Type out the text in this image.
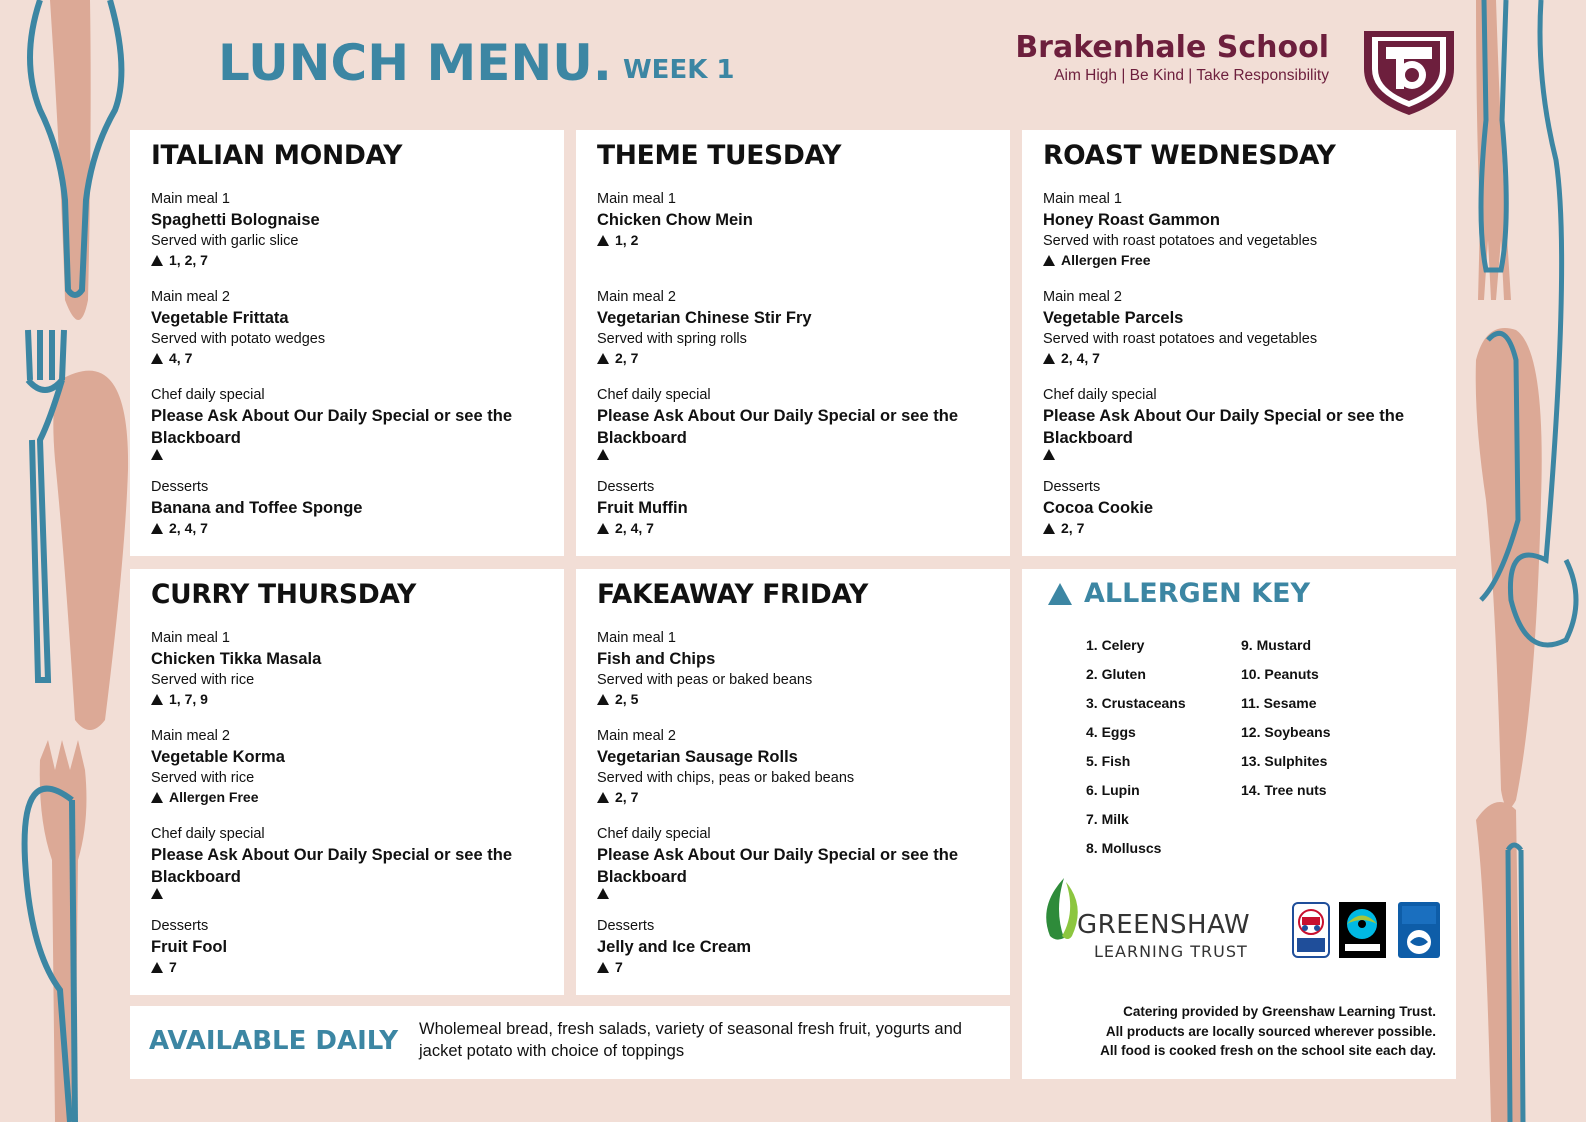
LUNCH MENU. WEEK 1
Brakenhale School
Aim High | Be Kind | Take Responsibility
ITALIAN MONDAY
Main meal 1
Spaghetti Bolognaise
Served with garlic slice
1, 2, 7
Main meal 2
Vegetable Frittata
Served with potato wedges
4, 7
Chef daily special
Please Ask About Our Daily Special or see the Blackboard
Desserts
Banana and Toffee Sponge
2, 4, 7
THEME TUESDAY
Main meal 1
Chicken Chow Mein
1, 2
Main meal 2
Vegetarian Chinese Stir Fry
Served with spring rolls
2, 7
Chef daily special
Please Ask About Our Daily Special or see the Blackboard
Desserts
Fruit Muffin
2, 4, 7
ROAST WEDNESDAY
Main meal 1
Honey Roast Gammon
Served with roast potatoes and vegetables
Allergen Free
Main meal 2
Vegetable Parcels
Served with roast potatoes and vegetables
2, 4, 7
Chef daily special
Please Ask About Our Daily Special or see the Blackboard
Desserts
Cocoa Cookie
2, 7
CURRY THURSDAY
Main meal 1
Chicken Tikka Masala
Served with rice
1, 7, 9
Main meal 2
Vegetable Korma
Served with rice
Allergen Free
Chef daily special
Please Ask About Our Daily Special or see the Blackboard
Desserts
Fruit Fool
7
FAKEAWAY FRIDAY
Main meal 1
Fish and Chips
Served with peas or baked beans
2, 5
Main meal 2
Vegetarian Sausage Rolls
Served with chips, peas or baked beans
2, 7
Chef daily special
Please Ask About Our Daily Special or see the Blackboard
Desserts
Jelly and Ice Cream
7
ALLERGEN KEY
1. Celery
2. Gluten
3. Crustaceans
4. Eggs
5. Fish
6. Lupin
7. Milk
8. Molluscs
9. Mustard
10. Peanuts
11. Sesame
12. Soybeans
13. Sulphites
14. Tree nuts
GREENSHAW
LEARNING TRUST
Catering provided by Greenshaw Learning Trust.
All products are locally sourced wherever possible.
All food is cooked fresh on the school site each day.
AVAILABLE DAILY Wholemeal bread, fresh salads, variety of seasonal fresh fruit, yogurts and jacket potato with choice of toppings
